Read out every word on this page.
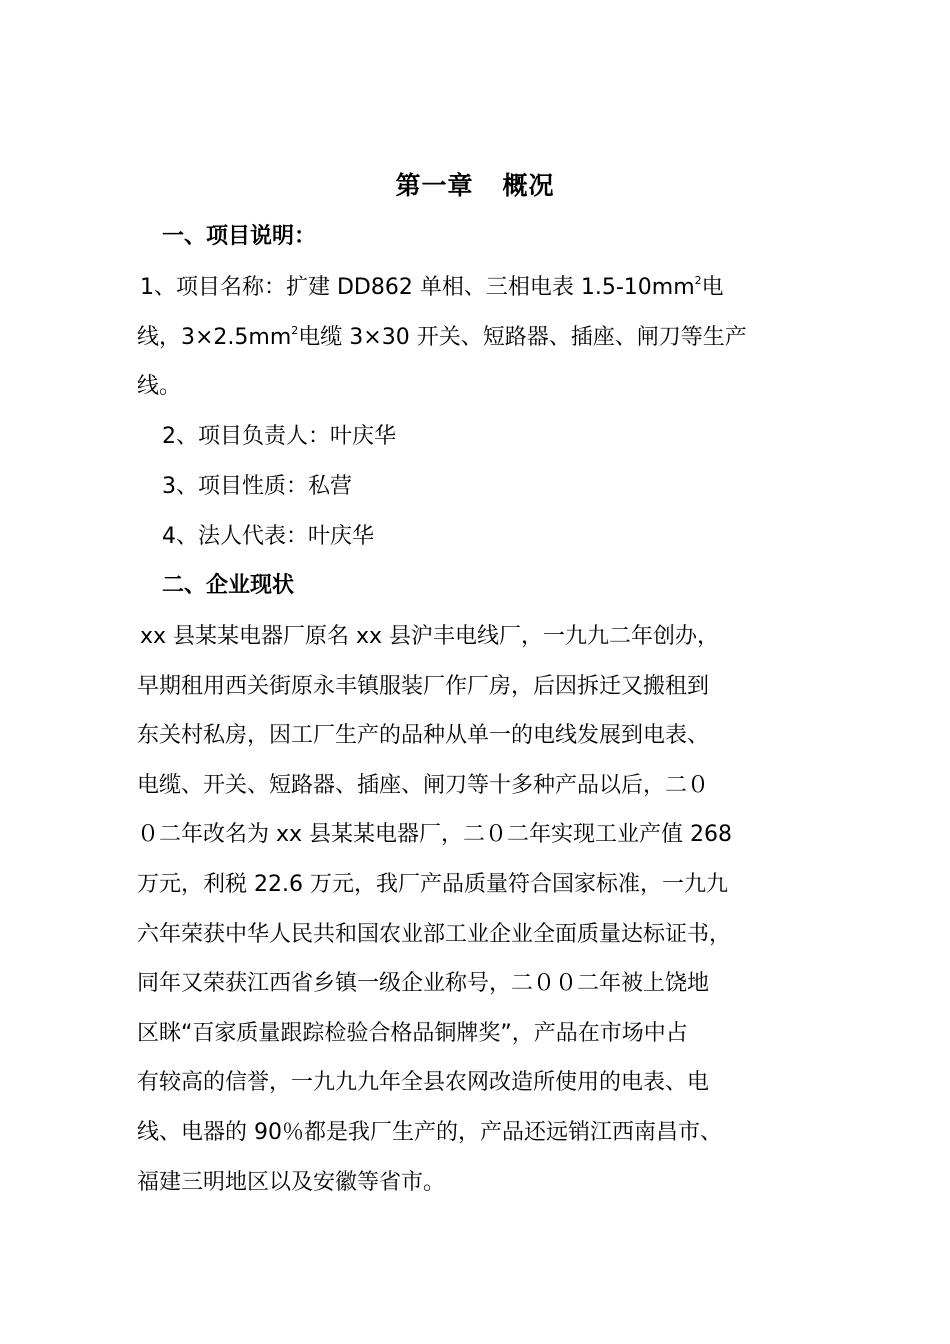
第一章   概况
一、项目说明：
1、项目名称：扩建 DD862 单相、三相电表 $1.5-10mm^2$电
线，$3\times 2.5mm^2$电缆 3×30 开关、短路器、插座、闸刀等生产
线。
2、项目负责人：叶庆华
3、项目性质：私营
4、法人代表：叶庆华
二、企业现状
xx 县某某电器厂原名 xx 县沪丰电线厂，一九九二年创办，
早期租用西关街原永丰镇服装厂作厂房，后因拆迁又搬租到
东关村私房，因工厂生产的品种从单一的电线发展到电表、
电缆、开关、短路器、插座、闸刀等十多种产品以后，二０
０二年改名为 xx 县某某电器厂，二０二年实现工业产值 268
万元，利税 22.6 万元，我厂产品质量符合国家标准，一九九
六年荣获中华人民共和国农业部工业企业全面质量达标证书，
同年又荣获江西省乡镇一级企业称号，二００二年被上饶地
区眯“百家质量跟踪检验合格品铜牌奖”，产品在市场中占
有较高的信誉，一九九九年全县农网改造所使用的电表、电
线、电器的 90％都是我厂生产的，产品还远销江西南昌市、
福建三明地区以及安徽等省市。
